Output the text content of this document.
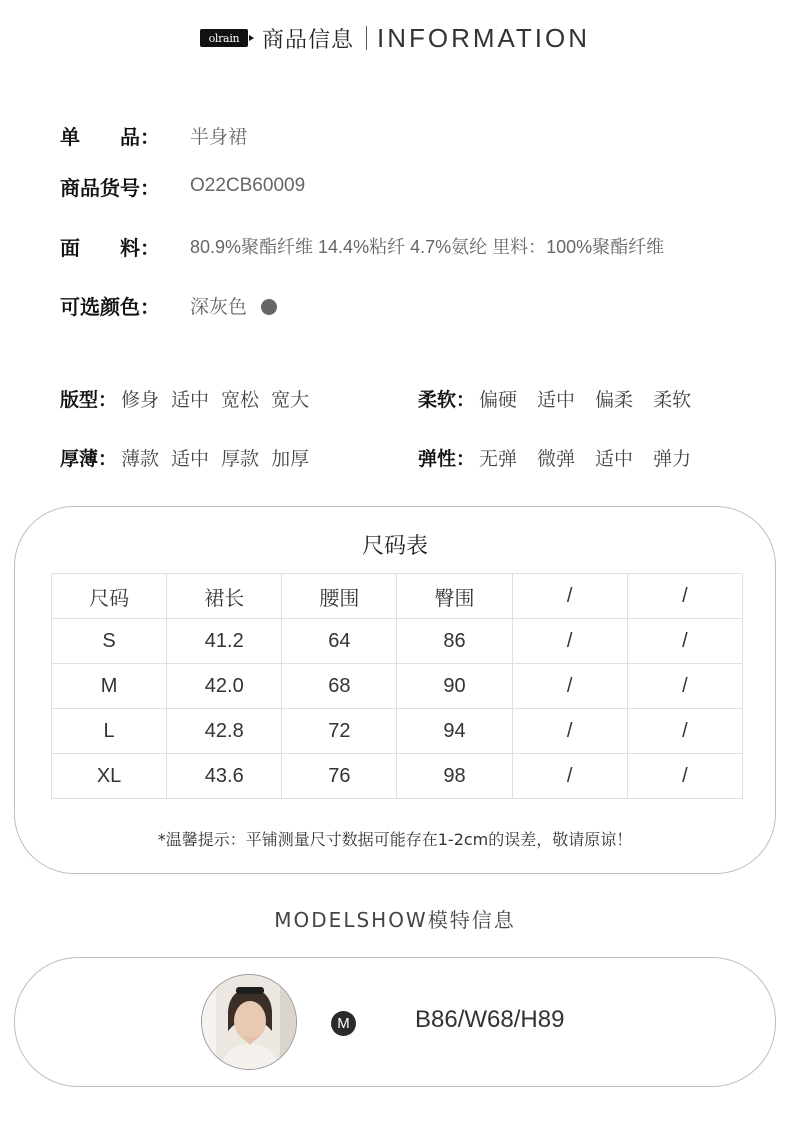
olrain	商品信息 INFORMATION
单　　品：	半身裙
商品货号：	O22CB60009
面　　料：	80.9%聚酯纤维 14.4%粘纤 4.7%氨纶 里料：100%聚酯纤维
可选颜色：	深灰色
版型： 修身 适中 宽松 宽大	柔软： 偏硬 适中 偏柔 柔软
厚薄： 薄款 适中 厚款 加厚	弹性： 无弹 微弹 适中 弹力
尺码表
尺码	裙长	腰围	臀围	/	/
S	41.2	64	86	/	/
M	42.0	68	90	/	/
L	42.8	72	94	/	/
XL	43.6	76	98	/	/
*温馨提示：平铺测量尺寸数据可能存在1-2cm的误差，敬请原谅！
MODELSHOW模特信息
M	B86/W68/H89
